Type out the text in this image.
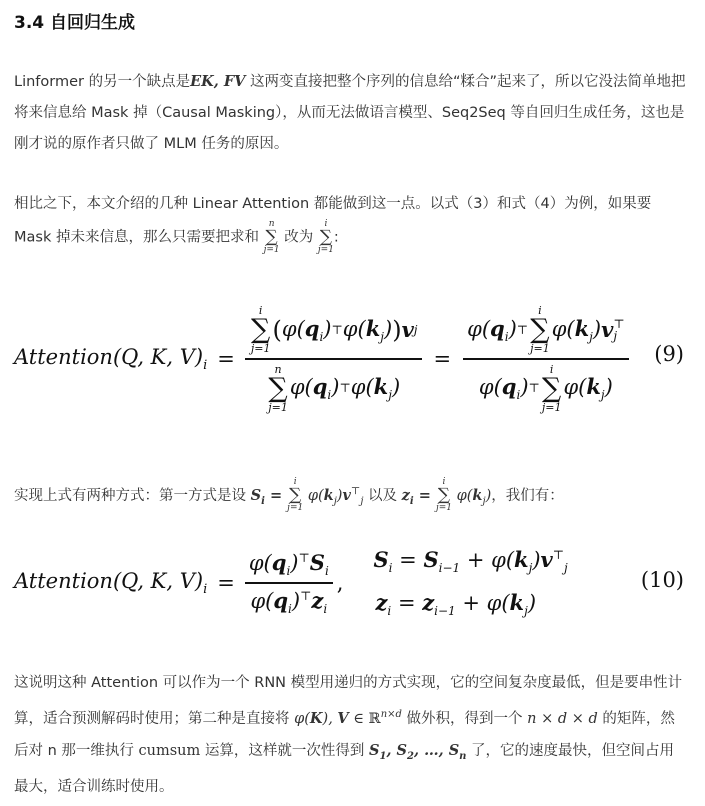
3.4 自回归生成

Linformer 的另一个缺点是EK, FV 这两变直接把整个序列的信息给“糅合”起来了，所以它没法简单地把将来信息给 Mask 掉（Causal Masking），从而无法做语言模型、Seq2Seq 等自回归生成任务，这也是刚才说的原作者只做了 MLM 任务的原因。

相比之下，本文介绍的几种 Linear Attention 都能做到这一点。以式（3）和式（4）为例，如果要 Mask 掉未来信息，那么只需要把求和
n
∑
j=1
改为
i
∑
j=1
:

Attention(Q, K, $V)_i = i$
∑
j=1
( $\varphi(q_i)$ ⊤ $\varphi(k_j)$ ) v j
n
∑
j=1
$\varphi(q_i)$ ⊤ $\varphi(k_j) = \varphi(q_i)$ ⊤
i
∑
j=1
$\varphi(k_j)$ v ⊤
j
$\varphi(q_i)$ ⊤
i
∑
j=1
$\varphi(k_j)$ (9)

实现上式有两种方式：第一方式是设 $S_i$ =
i
∑
j=1
$\varphi(k_j)v^⊤_j$ 以及 $z_i$ =
i
∑
j=1
$\varphi(k_j)$，我们有：

Attention(Q, K, $V)_i = \frac{\varphi(q_i)^⊤S_i}{\varphi(q_i)^⊤z_i}$ ,
$S_i = S_{i-1} + \varphi(k_j)v^⊤_j$
$z_i = z_{i-1} + \varphi(k_j)$
(10)

这说明这种 Attention 可以作为一个 RNN 模型用递归的方式实现，它的空间复杂度最低，但是要串性计算，适合预测解码时使用；第二种是直接将 φ(K), V ∈ ℝ$^{n\times d}$ 做外积，得到一个 n × d × d 的矩阵，然后对 n 那一维执行 cumsum 运算，这样就一次性得到 $S_1$, $S_2$, …, $S_n$ 了，它的速度最快，但空间占用最大，适合训练时使用。
